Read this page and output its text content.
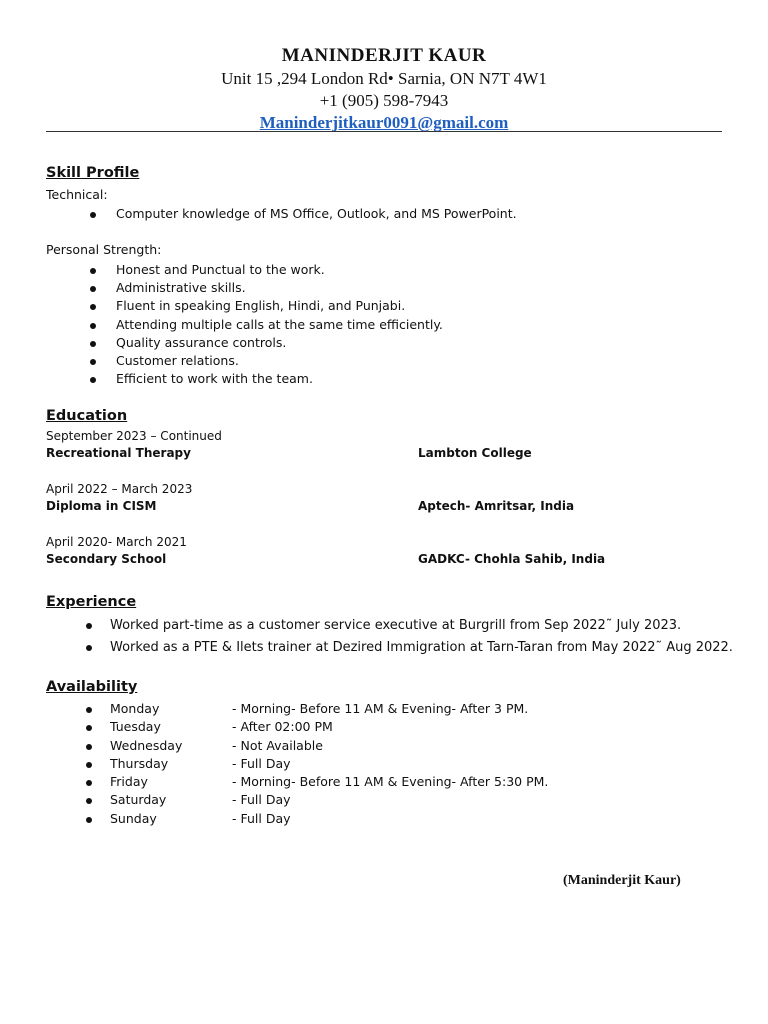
MANINDERJIT KAUR
Unit 15 ,294 London Rd• Sarnia, ON N7T 4W1
+1 (905) 598-7943
Maninderjitkaur0091@gmail.com
Skill Profile
Technical:
Computer knowledge of MS Office, Outlook, and MS PowerPoint.
Personal Strength:
Honest and Punctual to the work.
Administrative skills.
Fluent in speaking English, Hindi, and Punjabi.
Attending multiple calls at the same time efficiently.
Quality assurance controls.
Customer relations.
Efficient to work with the team.
Education
September 2023 – Continued
Recreational Therapy	Lambton College
April 2022 – March 2023
Diploma in CISM	Aptech- Amritsar, India
April 2020- March 2021
Secondary School	GADKC- Chohla Sahib, India
Experience
Worked part-time as a customer service executive at Burgrill from Sep 2022˜ July 2023.
Worked as a PTE & Ilets trainer at Dezired Immigration at Tarn-Taran from May 2022˜ Aug 2022.
Availability
Monday	- Morning- Before 11 AM & Evening- After 3 PM.
Tuesday	- After 02:00 PM
Wednesday	- Not Available
Thursday	- Full Day
Friday	- Morning- Before 11 AM & Evening- After 5:30 PM.
Saturday	- Full Day
Sunday	- Full Day
(Maninderjit Kaur)
